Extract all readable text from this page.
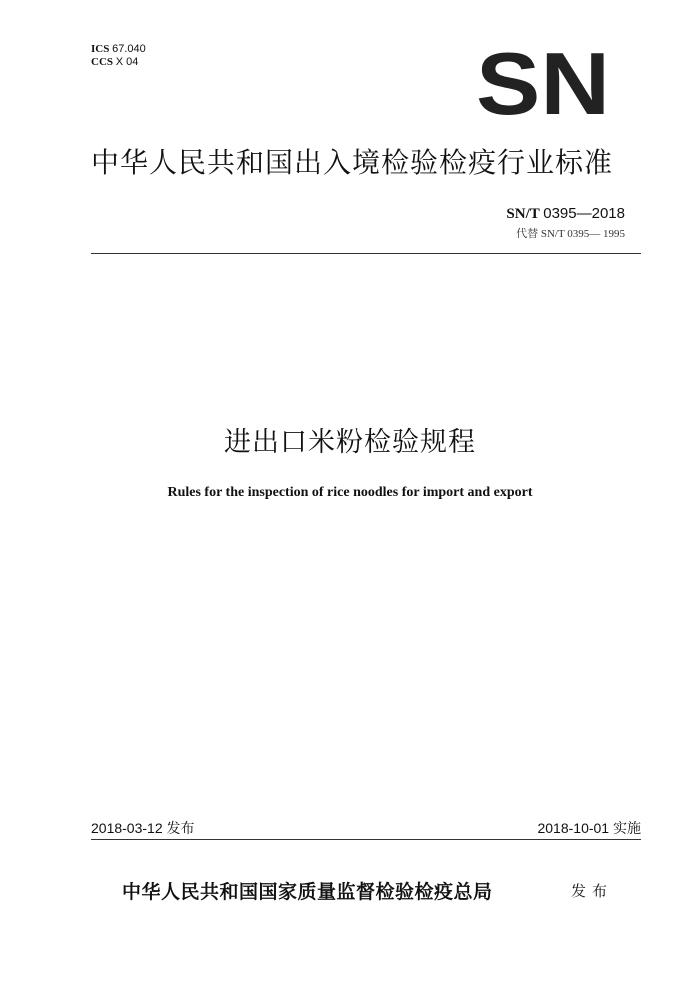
ICS 67.040
CCS X 04	SN
中华人民共和国出入境检验检疫行业标准
SN/T 0395—2018
代替 SN/T 0395— 1995
进出口米粉检验规程
Rules for the inspection of rice noodles for import and export
2018-03-12 发布	2018-10-01 实施
中华人民共和国国家质量监督检验检疫总局	发布
